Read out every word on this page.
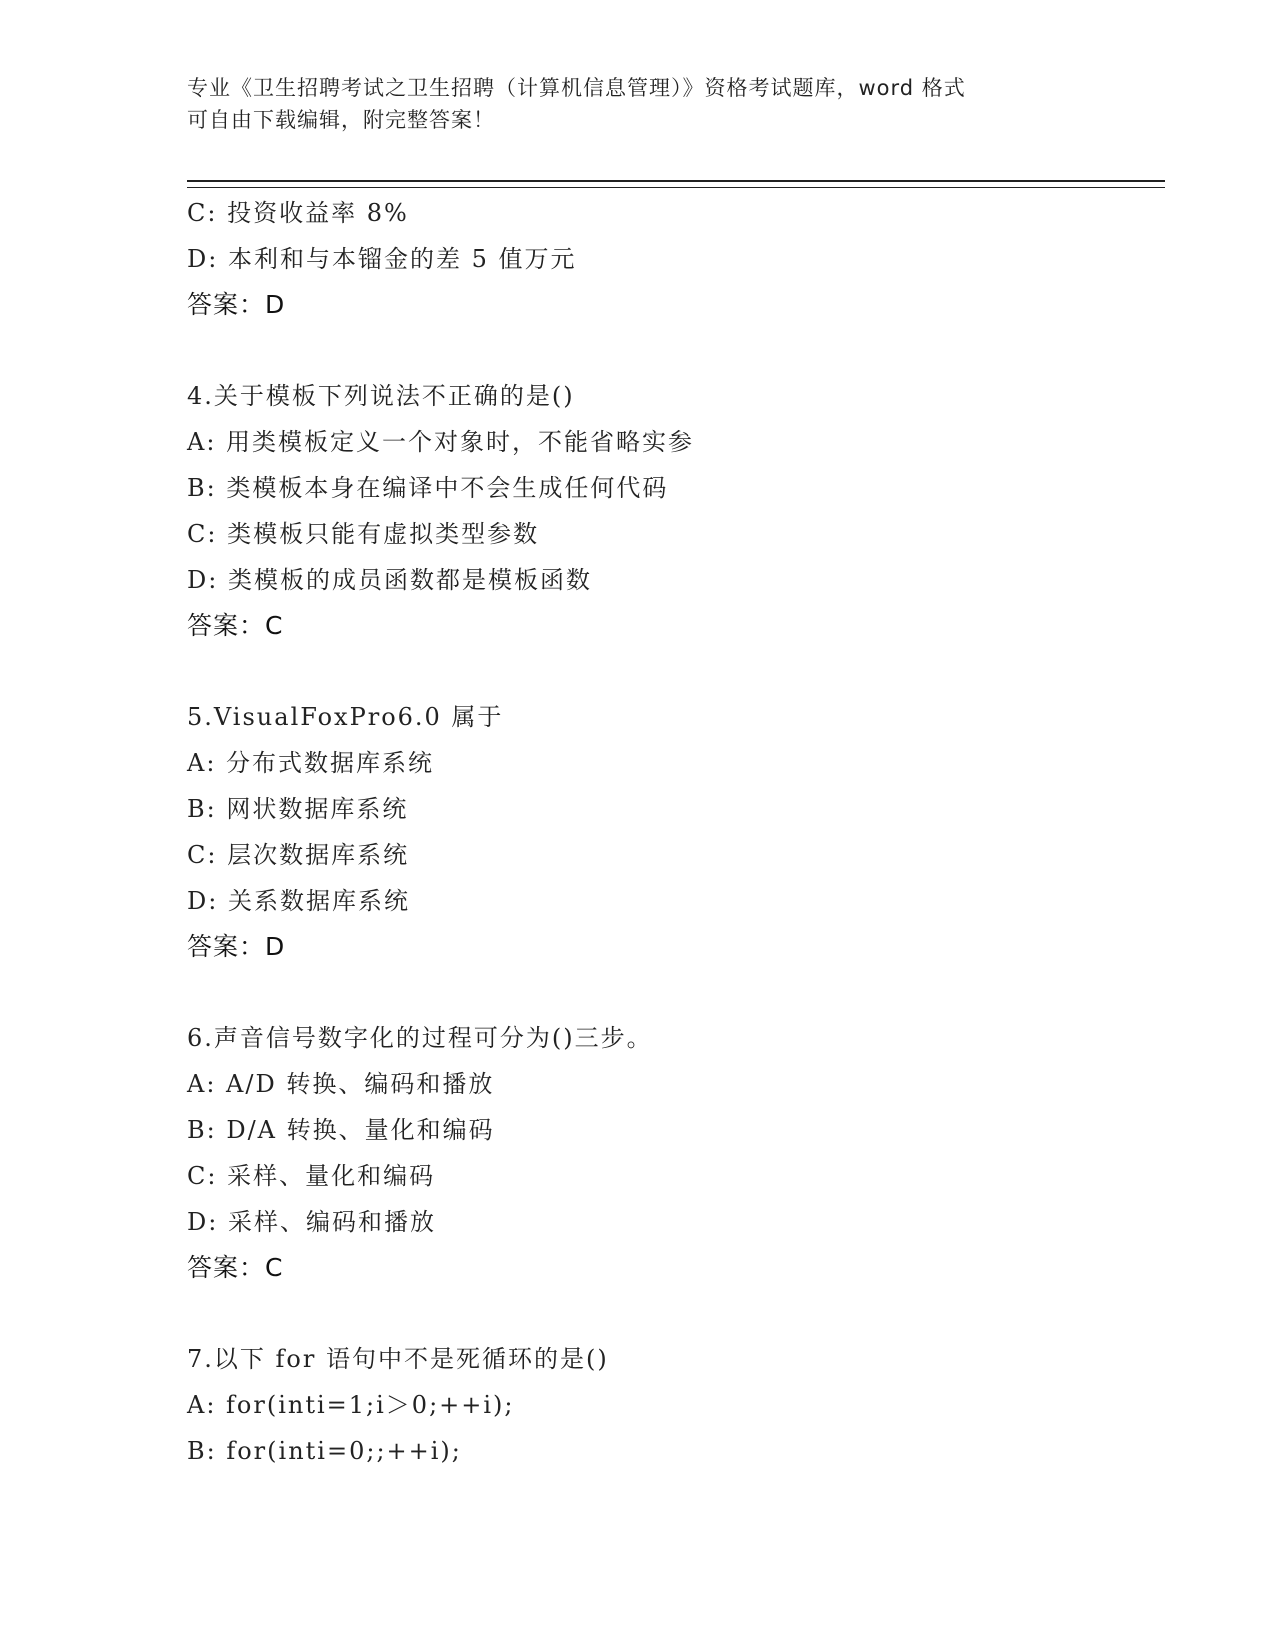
专业《卫生招聘考试之卫生招聘（计算机信息管理）》资格考试题库，word 格式
可自由下载编辑，附完整答案！
C: 投资收益率 8%
D: 本利和与本镏金的差 5 值万元
答案：D
4.关于模板下列说法不正确的是()
A: 用类模板定义一个对象时，不能省略实参
B: 类模板本身在编译中不会生成任何代码
C: 类模板只能有虚拟类型参数
D: 类模板的成员函数都是模板函数
答案：C
5.VisualFoxPro6.0 属于
A: 分布式数据库系统
B: 网状数据库系统
C: 层次数据库系统
D: 关系数据库系统
答案：D
6.声音信号数字化的过程可分为()三步。
A: A/D 转换、编码和播放
B: D/A 转换、量化和编码
C: 采样、量化和编码
D: 采样、编码和播放
答案：C
7.以下 for 语句中不是死循环的是()
A: for(inti=1;i＞0;++i);
B: for(inti=0;;++i);
